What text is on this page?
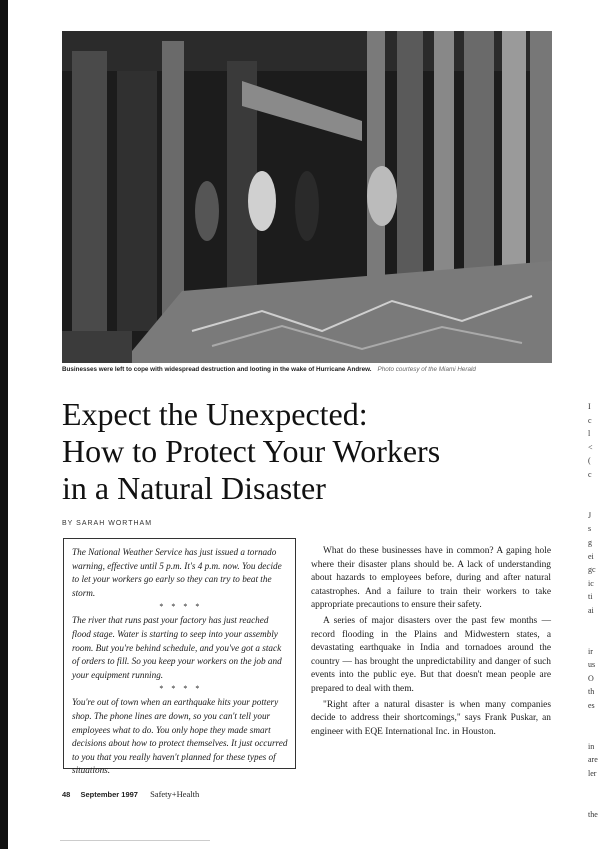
Businesses were left to cope with widespread destruction and looting in the wake of Hurricane Andrew. Photo courtesy of the Miami Herald
Expect the Unexpected:
How to Protect Your Workers
in a Natural Disaster
BY SARAH WORTHAM

The National Weather Service has just issued a tornado warning, effective until 5 p.m. It's 4 p.m. now. You decide to let your workers go early so they can try to beat the storm.

* * * *

The river that runs past your factory has just reached flood stage. Water is starting to seep into your assembly room. But you're behind schedule, and you've got a stack of orders to fill. So you keep your workers on the job and your equipment running.

* * * *

You're out of town when an earthquake hits your pottery shop. The phone lines are down, so you can't tell your employees what to do. You only hope they made smart decisions about how to protect themselves. It just occurred to you that you really haven't planned for these types of situations.

What do these businesses have in common? A gaping hole where their disaster plans should be. A lack of understanding about hazards to employees before, during and after natural catastrophes. And a failure to train their workers to take appropriate precautions to ensure their safety.

A series of major disasters over the past few months — record flooding in the Plains and Midwestern states, a devastating earthquake in India and tornadoes around the country — has brought the unpredictability and danger of such events into the public eye. But that doesn't mean people are prepared to deal with them.

"Right after a natural disaster is when many companies decide to address their shortcomings," says Frank Puskar, an engineer with EQE International Inc. in Houston.

48 September 1997 Safety+Health
I
c
l
<
(
c
J
s
g
ei
gc
ic
ti
ai
ir
us
O
th
es
in
are
ler
the
